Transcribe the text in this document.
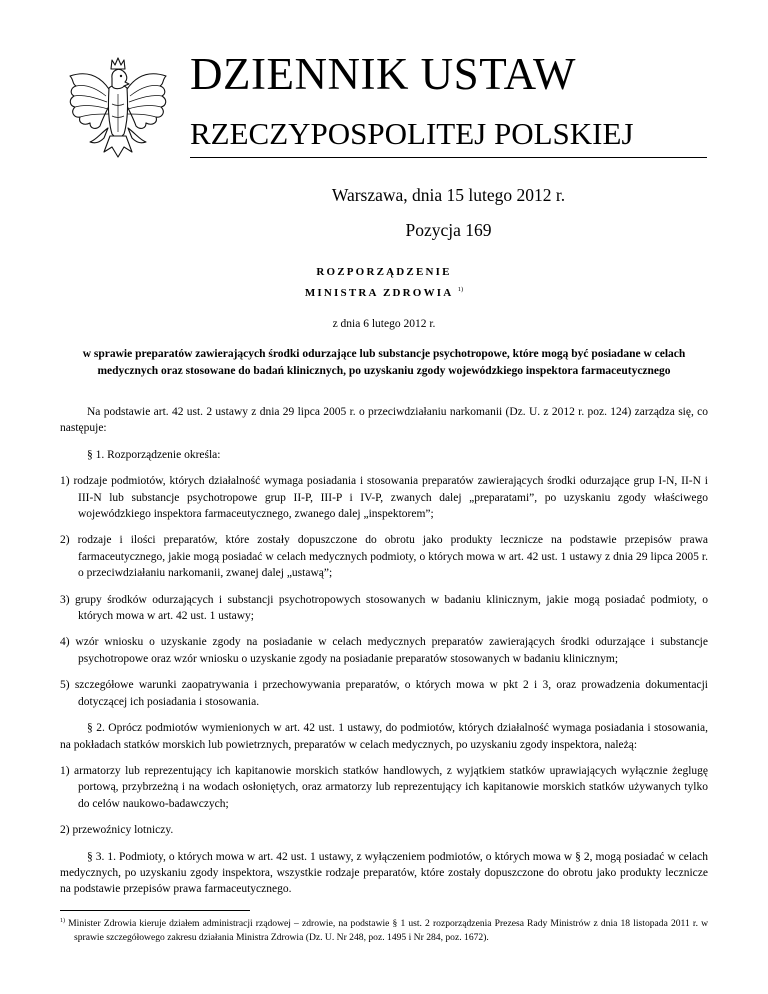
DZIENNIK USTAW
RZECZYPOSPOLITEJ POLSKIEJ
Warszawa, dnia 15 lutego 2012 r.
Pozycja 169
ROZPORZĄDZENIE
MINISTRA ZDROWIA $^{1)}$
z dnia 6 lutego 2012 r.
w sprawie preparatów zawierających środki odurzające lub substancje psychotropowe, które mogą być posiadane w celach medycznych oraz stosowane do badań klinicznych, po uzyskaniu zgody wojewódzkiego inspektora farmaceutycznego

Na podstawie art. 42 ust. 2 ustawy z dnia 29 lipca 2005 r. o przeciwdziałaniu narkomanii (Dz. U. z 2012 r. poz. 124) zarządza się, co następuje:

§ 1. Rozporządzenie określa:

1) rodzaje podmiotów, których działalność wymaga posiadania i stosowania preparatów zawierających środki odurzające grup I-N, II-N i III-N lub substancje psychotropowe grup II-P, III-P i IV-P, zwanych dalej „preparatami”, po uzyskaniu zgody właściwego wojewódzkiego inspektora farmaceutycznego, zwanego dalej „inspektorem”;

2) rodzaje i ilości preparatów, które zostały dopuszczone do obrotu jako produkty lecznicze na podstawie przepisów prawa farmaceutycznego, jakie mogą posiadać w celach medycznych podmioty, o których mowa w art. 42 ust. 1 ustawy z dnia 29 lipca 2005 r. o przeciwdziałaniu narkomanii, zwanej dalej „ustawą”;

3) grupy środków odurzających i substancji psychotropowych stosowanych w badaniu klinicznym, jakie mogą posiadać podmioty, o których mowa w art. 42 ust. 1 ustawy;

4) wzór wniosku o uzyskanie zgody na posiadanie w celach medycznych preparatów zawierających środki odurzające i substancje psychotropowe oraz wzór wniosku o uzyskanie zgody na posiadanie preparatów stosowanych w badaniu klinicznym;

5) szczegółowe warunki zaopatrywania i przechowywania preparatów, o których mowa w pkt 2 i 3, oraz prowadzenia dokumentacji dotyczącej ich posiadania i stosowania.

§ 2. Oprócz podmiotów wymienionych w art. 42 ust. 1 ustawy, do podmiotów, których działalność wymaga posiadania i stosowania, na pokładach statków morskich lub powietrznych, preparatów w celach medycznych, po uzyskaniu zgody inspektora, należą:

1) armatorzy lub reprezentujący ich kapitanowie morskich statków handlowych, z wyjątkiem statków uprawiających wyłącznie żeglugę portową, przybrzeżną i na wodach osłoniętych, oraz armatorzy lub reprezentujący ich kapitanowie morskich statków używanych tylko do celów naukowo-badawczych;

2) przewoźnicy lotniczy.

§ 3. 1. Podmioty, o których mowa w art. 42 ust. 1 ustawy, z wyłączeniem podmiotów, o których mowa w § 2, mogą posiadać w celach medycznych, po uzyskaniu zgody inspektora, wszystkie rodzaje preparatów, które zostały dopuszczone do obrotu jako produkty lecznicze na podstawie przepisów prawa farmaceutycznego.

$^{1)}$ Minister Zdrowia kieruje działem administracji rządowej – zdrowie, na podstawie § 1 ust. 2 rozporządzenia Prezesa Rady Ministrów z dnia 18 listopada 2011 r. w sprawie szczegółowego zakresu działania Ministra Zdrowia (Dz. U. Nr 248, poz. 1495 i Nr 284, poz. 1672).
